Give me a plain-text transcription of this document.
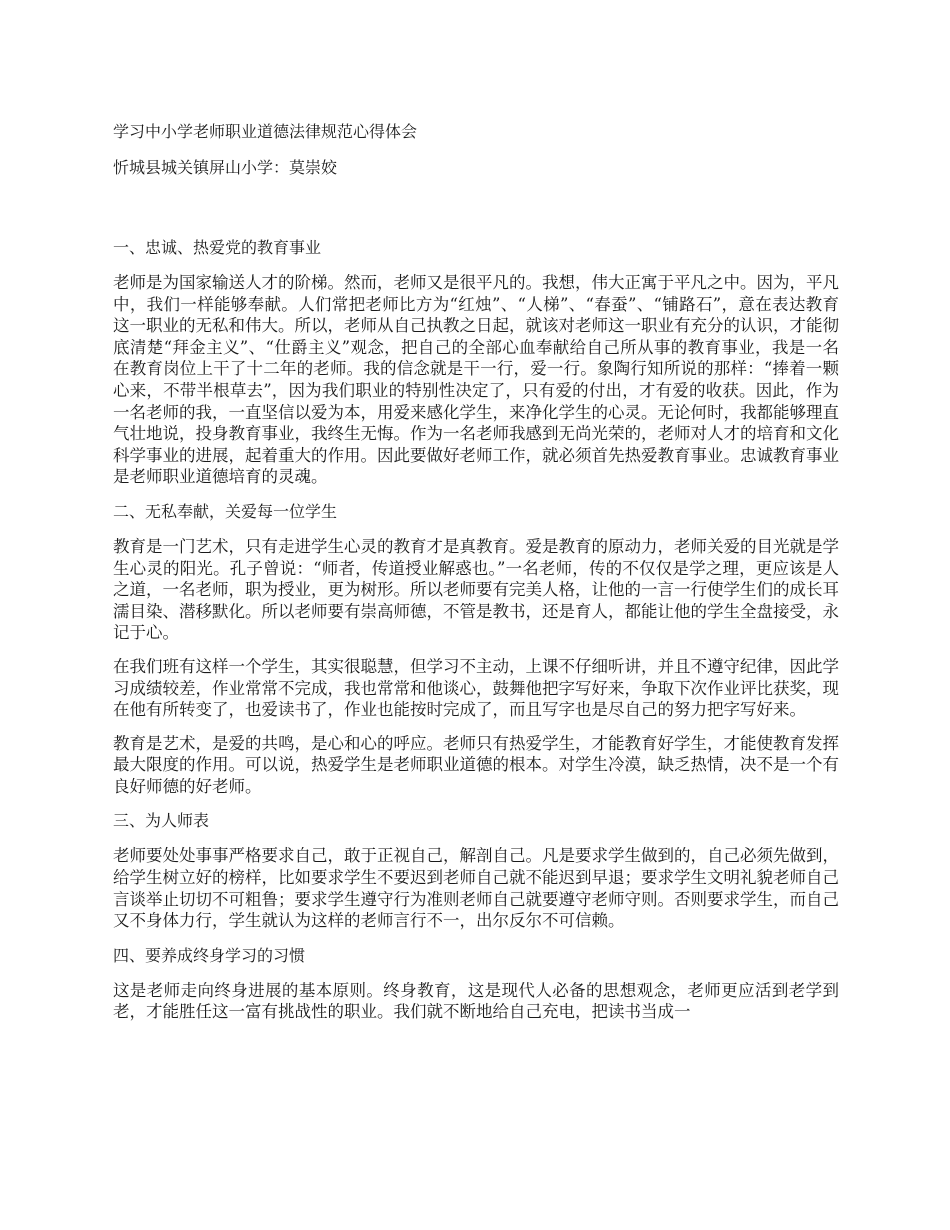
学习中小学老师职业道德法律规范心得体会
忻城县城关镇屏山小学：莫崇姣
一、忠诚、热爱党的教育事业
老师是为国家输送人才的阶梯。然而，老师又是很平凡的。我想，伟大正寓于平凡之中。因为，平凡中，我们一样能够奉献。人们常把老师比方为“红烛”、“人梯”、“春蚕”、“铺路石”，意在表达教育这一职业的无私和伟大。所以，老师从自己执教之日起，就该对老师这一职业有充分的认识，才能彻底清楚“拜金主义”、“仕爵主义”观念，把自己的全部心血奉献给自己所从事的教育事业，我是一名在教育岗位上干了十二年的老师。我的信念就是干一行，爱一行。象陶行知所说的那样：“捧着一颗心来，不带半根草去”，因为我们职业的特别性决定了，只有爱的付出，才有爱的收获。因此，作为一名老师的我，一直坚信以爱为本，用爱来感化学生，来净化学生的心灵。无论何时，我都能够理直气壮地说，投身教育事业，我终生无悔。作为一名老师我感到无尚光荣的，老师对人才的培育和文化科学事业的进展，起着重大的作用。因此要做好老师工作，就必须首先热爱教育事业。忠诚教育事业是老师职业道德培育的灵魂。
二、无私奉献，关爱每一位学生
教育是一门艺术，只有走进学生心灵的教育才是真教育。爱是教育的原动力，老师关爱的目光就是学生心灵的阳光。孔子曾说：“师者，传道授业解惑也。”一名老师，传的不仅仅是学之理，更应该是人之道，一名老师，职为授业，更为树形。所以老师要有完美人格，让他的一言一行使学生们的成长耳濡目染、潜移默化。所以老师要有崇高师德，不管是教书，还是育人，都能让他的学生全盘接受，永记于心。
在我们班有这样一个学生，其实很聪慧，但学习不主动，上课不仔细听讲，并且不遵守纪律，因此学习成绩较差，作业常常不完成，我也常常和他谈心，鼓舞他把字写好来，争取下次作业评比获奖，现在他有所转变了，也爱读书了，作业也能按时完成了，而且写字也是尽自己的努力把字写好来。
教育是艺术，是爱的共鸣，是心和心的呼应。老师只有热爱学生，才能教育好学生，才能使教育发挥最大限度的作用。可以说，热爱学生是老师职业道德的根本。对学生冷漠，缺乏热情，决不是一个有良好师德的好老师。
三、为人师表
老师要处处事事严格要求自己，敢于正视自己，解剖自己。凡是要求学生做到的，自己必须先做到，给学生树立好的榜样，比如要求学生不要迟到老师自己就不能迟到早退；要求学生文明礼貌老师自己言谈举止切切不可粗鲁；要求学生遵守行为准则老师自己就要遵守老师守则。否则要求学生，而自己又不身体力行，学生就认为这样的老师言行不一，出尔反尔不可信赖。
四、要养成终身学习的习惯
这是老师走向终身进展的基本原则。终身教育，这是现代人必备的思想观念，老师更应活到老学到老，才能胜任这一富有挑战性的职业。我们就不断地给自己充电，把读书当成一
